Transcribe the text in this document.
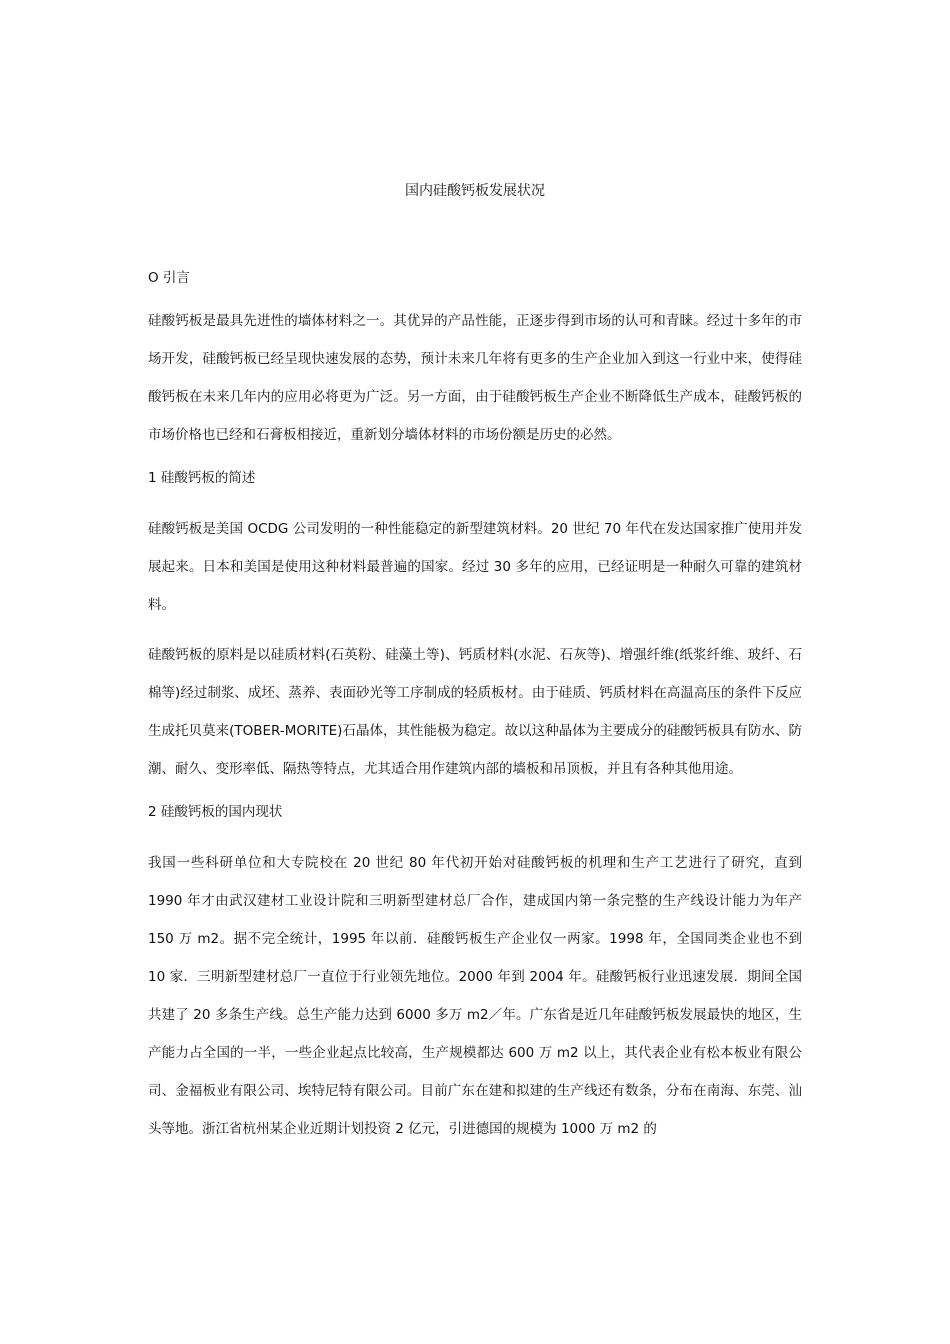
国内硅酸钙板发展状况

O 引言

硅酸钙板是最具先进性的墙体材料之一。其优异的产品性能，正逐步得到市场的认可和青睐。经过十多年的市场开发，硅酸钙板已经呈现快速发展的态势，预计未来几年将有更多的生产企业加入到这一行业中来，使得硅酸钙板在未来几年内的应用必将更为广泛。另一方面，由于硅酸钙板生产企业不断降低生产成本，硅酸钙板的市场价格也已经和石膏板相接近，重新划分墙体材料的市场份额是历史的必然。

1 硅酸钙板的简述

硅酸钙板是美国 OCDG 公司发明的一种性能稳定的新型建筑材料。20 世纪 70 年代在发达国家推广使用并发展起来。日本和美国是使用这种材料最普遍的国家。经过 30 多年的应用，已经证明是一种耐久可靠的建筑材料。

硅酸钙板的原料是以硅质材料(石英粉、硅藻土等)、钙质材料(水泥、石灰等)、增强纤维(纸浆纤维、玻纤、石棉等)经过制浆、成坯、蒸养、表面砂光等工序制成的轻质板材。由于硅质、钙质材料在高温高压的条件下反应生成托贝莫来(TOBER-MORITE)石晶体，其性能极为稳定。故以这种晶体为主要成分的硅酸钙板具有防水、防潮、耐久、变形率低、隔热等特点，尤其适合用作建筑内部的墙板和吊顶板，并且有各种其他用途。

2 硅酸钙板的国内现状

我国一些科研单位和大专院校在 20 世纪 80 年代初开始对硅酸钙板的机理和生产工艺进行了研究，直到 1990 年才由武汉建材工业设计院和三明新型建材总厂合作，建成国内第一条完整的生产线设计能力为年产 150 万 m2。据不完全统计，1995 年以前．硅酸钙板生产企业仅一两家。1998 年，全国同类企业也不到 10 家．三明新型建材总厂一直位于行业领先地位。2000 年到 2004 年。硅酸钙板行业迅速发展．期间全国共建了 20 多条生产线。总生产能力达到 6000 多万 m2／年。广东省是近几年硅酸钙板发展最快的地区，生产能力占全国的一半，一些企业起点比较高，生产规模都达 600 万 m2 以上，其代表企业有松本板业有限公司、金福板业有限公司、埃特尼特有限公司。目前广东在建和拟建的生产线还有数条，分布在南海、东莞、汕头等地。浙江省杭州某企业近期计划投资 2 亿元，引进德国的规模为 1000 万 m2 的
